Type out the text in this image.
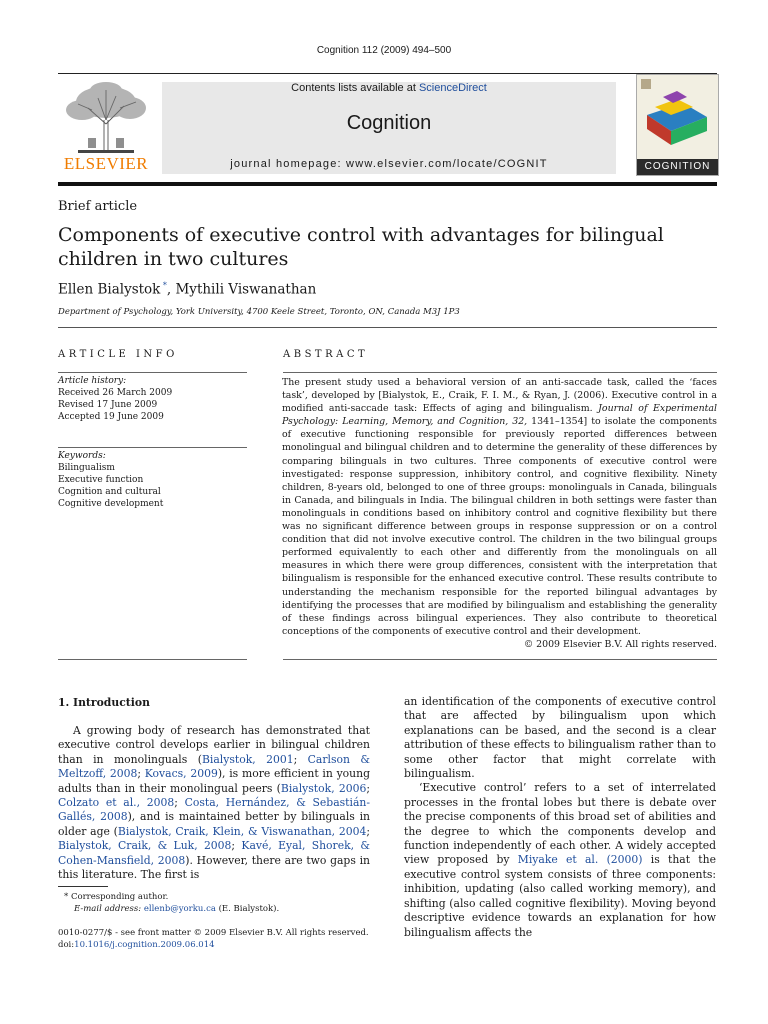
Cognition 112 (2009) 494–500
ELSEVIER
Contents lists available at ScienceDirect
Cognition
journal homepage: www.elsevier.com/locate/COGNIT	COGNITION
Brief article
Components of executive control with advantages for bilingual children in two cultures
Ellen Bialystok *, Mythili Viswanathan
Department of Psychology, York University, 4700 Keele Street, Toronto, ON, Canada M3J 1P3
ARTICLE INFO	ABSTRACT
Article history:
Received 26 March 2009
Revised 17 June 2009
Accepted 19 June 2009
Keywords:
Bilingualism
Executive function
Cognition and cultural
Cognitive development
The present study used a behavioral version of an anti-saccade task, called the ‘faces task’, developed by [Bialystok, E., Craik, F. I. M., & Ryan, J. (2006). Executive control in a modified anti-saccade task: Effects of aging and bilingualism. Journal of Experimental Psychology: Learning, Memory, and Cognition, 32, 1341–1354] to isolate the components of executive functioning responsible for previously reported differences between monolingual and bilingual children and to determine the generality of these differences by comparing bilinguals in two cultures. Three components of executive control were investigated: response suppression, inhibitory control, and cognitive flexibility. Ninety children, 8-years old, belonged to one of three groups: monolinguals in Canada, bilinguals in Canada, and bilinguals in India. The bilingual children in both settings were faster than monolinguals in conditions based on inhibitory control and cognitive flexibility but there was no significant difference between groups in response suppression or on a control condition that did not involve executive control. The children in the two bilingual groups performed equivalently to each other and differently from the monolinguals on all measures in which there were group differences, consistent with the interpretation that bilingualism is responsible for the enhanced executive control. These results contribute to understanding the mechanism responsible for the reported bilingual advantages by identifying the processes that are modified by bilingualism and establishing the generality of these findings across bilingual experiences. They also contribute to theoretical conceptions of the components of executive control and their development.
© 2009 Elsevier B.V. All rights reserved.
1. Introduction

A growing body of research has demonstrated that executive control develops earlier in bilingual children than in monolinguals (Bialystok, 2001; Carlson & Meltzoff, 2008; Kovacs, 2009), is more efficient in young adults than in their monolingual peers (Bialystok, 2006; Colzato et al., 2008; Costa, Hernández, & Sebastián-Gallés, 2008), and is maintained better by bilinguals in older age (Bialystok, Craik, Klein, & Viswanathan, 2004; Bialystok, Craik, & Luk, 2008; Kavé, Eyal, Shorek, & Cohen-Mansfield, 2008). However, there are two gaps in this literature. The first is

an identification of the components of executive control that are affected by bilingualism upon which explanations can be based, and the second is a clear attribution of these effects to bilingualism rather than to some other factor that might correlate with bilingualism.

‘Executive control’ refers to a set of interrelated processes in the frontal lobes but there is debate over the precise components of this broad set of abilities and the degree to which the components develop and function independently of each other. A widely accepted view proposed by Miyake et al. (2000) is that the executive control system consists of three components: inhibition, updating (also called working memory), and shifting (also called cognitive flexibility). Moving beyond descriptive evidence towards an explanation for how bilingualism affects the

* Corresponding author.
E-mail address: ellenb@yorku.ca (E. Bialystok).
0010-0277/$ - see front matter © 2009 Elsevier B.V. All rights reserved.
doi:10.1016/j.cognition.2009.06.014
